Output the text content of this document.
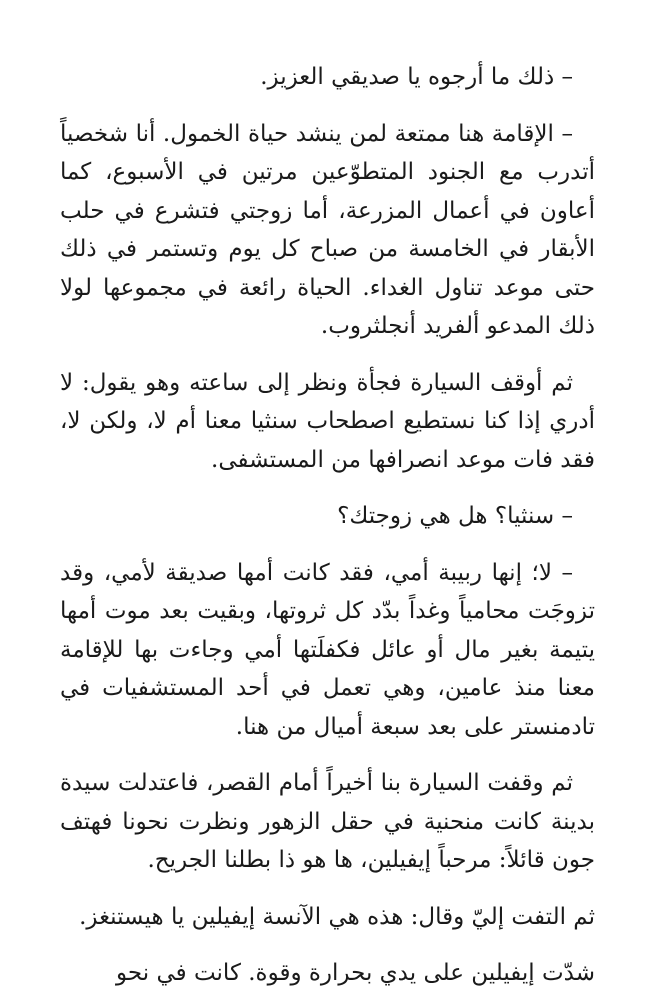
– ذلك ما أرجوه يا صديقي العزيز.

– الإقامة هنا ممتعة لمن ينشد حياة الخمول. أنا شخصياً أتدرب مع الجنود المتطوّعين مرتين في الأسبوع، كما أعاون في أعمال المزرعة، أما زوجتي فتشرع في حلب الأبقار في الخامسة من صباح كل يوم وتستمر في ذلك حتى موعد تناول الغداء. الحياة رائعة في مجموعها لولا ذلك المدعو ألفريد أنجلثروب.

ثم أوقف السيارة فجأة ونظر إلى ساعته وهو يقول: لا أدري إذا كنا نستطيع اصطحاب سنثيا معنا أم لا، ولكن لا، فقد فات موعد انصرافها من المستشفى.

– سنثيا؟ هل هي زوجتك؟

– لا؛ إنها ربيبة أمي، فقد كانت أمها صديقة لأمي، وقد تزوجَت محامياً وغداً بدّد كل ثروتها، وبقيت بعد موت أمها يتيمة بغير مال أو عائل فكفلَتها أمي وجاءت بها للإقامة معنا منذ عامين، وهي تعمل في أحد المستشفيات في تادمنستر على بعد سبعة أميال من هنا.

ثم وقفت السيارة بنا أخيراً أمام القصر، فاعتدلت سيدة بدينة كانت منحنية في حقل الزهور ونظرت نحونا فهتف جون قائلاً: مرحباً إيفيلين، ها هو ذا بطلنا الجريح.

ثم التفت إليّ وقال: هذه هي الآنسة إيفيلين يا هيستنغز.

شدّت إيفيلين على يدي بحرارة وقوة. كانت في نحو
